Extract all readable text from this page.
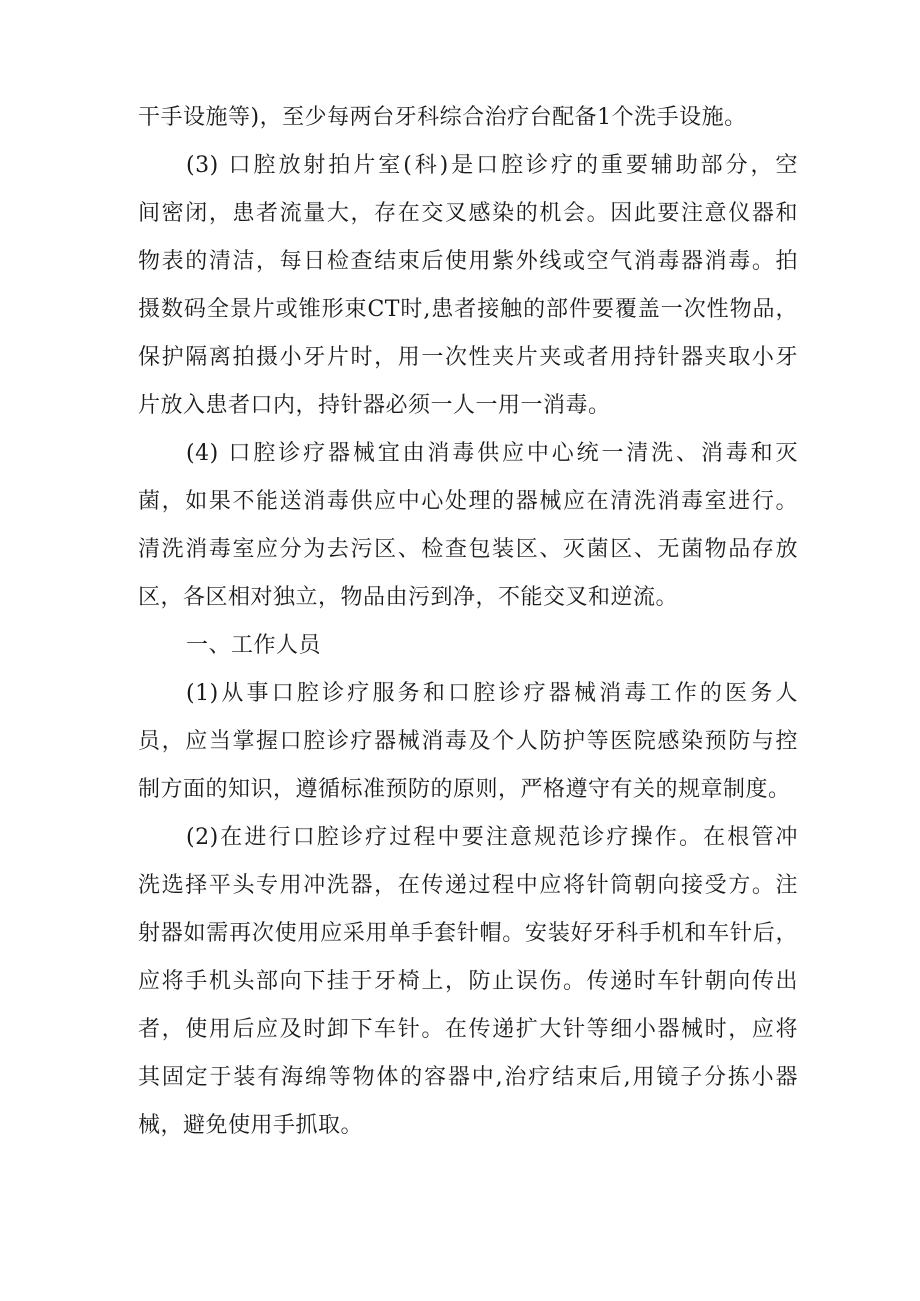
干手设施等)，至少每两台牙科综合治疗台配备1个洗手设施。
(3) 口腔放射拍片室(科)是口腔诊疗的重要辅助部分，空
间密闭，患者流量大，存在交叉感染的机会。因此要注意仪器和
物表的清洁，每日检查结束后使用紫外线或空气消毒器消毒。拍
摄数码全景片或锥形束CT时,患者接触的部件要覆盖一次性物品，
保护隔离拍摄小牙片时，用一次性夹片夹或者用持针器夹取小牙
片放入患者口内，持针器必须一人一用一消毒。
(4) 口腔诊疗器械宜由消毒供应中心统一清洗、消毒和灭
菌，如果不能送消毒供应中心处理的器械应在清洗消毒室进行。
清洗消毒室应分为去污区、检查包装区、灭菌区、无菌物品存放
区，各区相对独立，物品由污到净，不能交叉和逆流。
一、工作人员
(1)从事口腔诊疗服务和口腔诊疗器械消毒工作的医务人
员，应当掌握口腔诊疗器械消毒及个人防护等医院感染预防与控
制方面的知识，遵循标准预防的原则，严格遵守有关的规章制度。
(2)在进行口腔诊疗过程中要注意规范诊疗操作。在根管冲
洗选择平头专用冲洗器，在传递过程中应将针筒朝向接受方。注
射器如需再次使用应采用单手套针帽。安装好牙科手机和车针后，
应将手机头部向下挂于牙椅上，防止误伤。传递时车针朝向传出
者，使用后应及时卸下车针。在传递扩大针等细小器械时，应将
其固定于装有海绵等物体的容器中,治疗结束后,用镜子分拣小器
械，避免使用手抓取。
